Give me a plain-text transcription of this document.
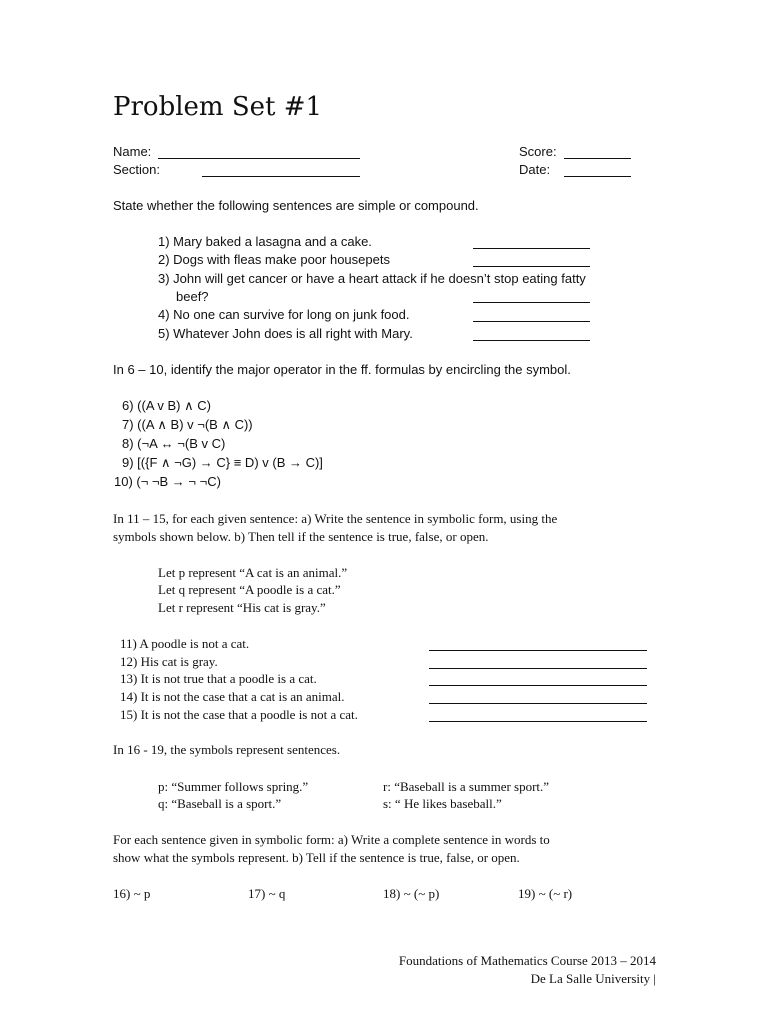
Problem Set #1
Name:
Section:
Score:
Date:
State whether the following sentences are simple or compound.
1) Mary baked a lasagna and a cake.
2) Dogs with fleas make poor housepets
3) John will get cancer or have a heart attack if he doesn’t stop eating fatty
beef?
4) No one can survive for long on junk food.
5) Whatever John does is all right with Mary.
In 6 – 10, identify the major operator in the ff. formulas by encircling the symbol.
6) ((A v B) ∧ C)
7) ((A ∧ B) v ¬(B ∧ C))
8) (¬A ↔ ¬(B v C)
9) [({F ∧ ¬G) → C} ≡ D) v (B → C)]
10) (¬ ¬B → ¬ ¬C)
In 11 – 15, for each given sentence: a) Write the sentence in symbolic form, using the
symbols shown below. b) Then tell if the sentence is true, false, or open.
Let p represent “A cat is an animal.”
Let q represent “A poodle is a cat.”
Let r represent “His cat is gray.”
11) A poodle is not a cat.
12) His cat is gray.
13) It is not true that a poodle is a cat.
14) It is not the case that a cat is an animal.
15) It is not the case that a poodle is not a cat.
In 16 - 19, the symbols represent sentences.
p: “Summer follows spring.”	r: “Baseball is a summer sport.”
q: “Baseball is a sport.”	s: “ He likes baseball.”
For each sentence given in symbolic form: a) Write a complete sentence in words to
show what the symbols represent. b) Tell if the sentence is true, false, or open.
16) ~ p	17) ~ q	18) ~ (~ p)	19) ~ (~ r)
Foundations of Mathematics Course 2013 – 2014
De La Salle University |
